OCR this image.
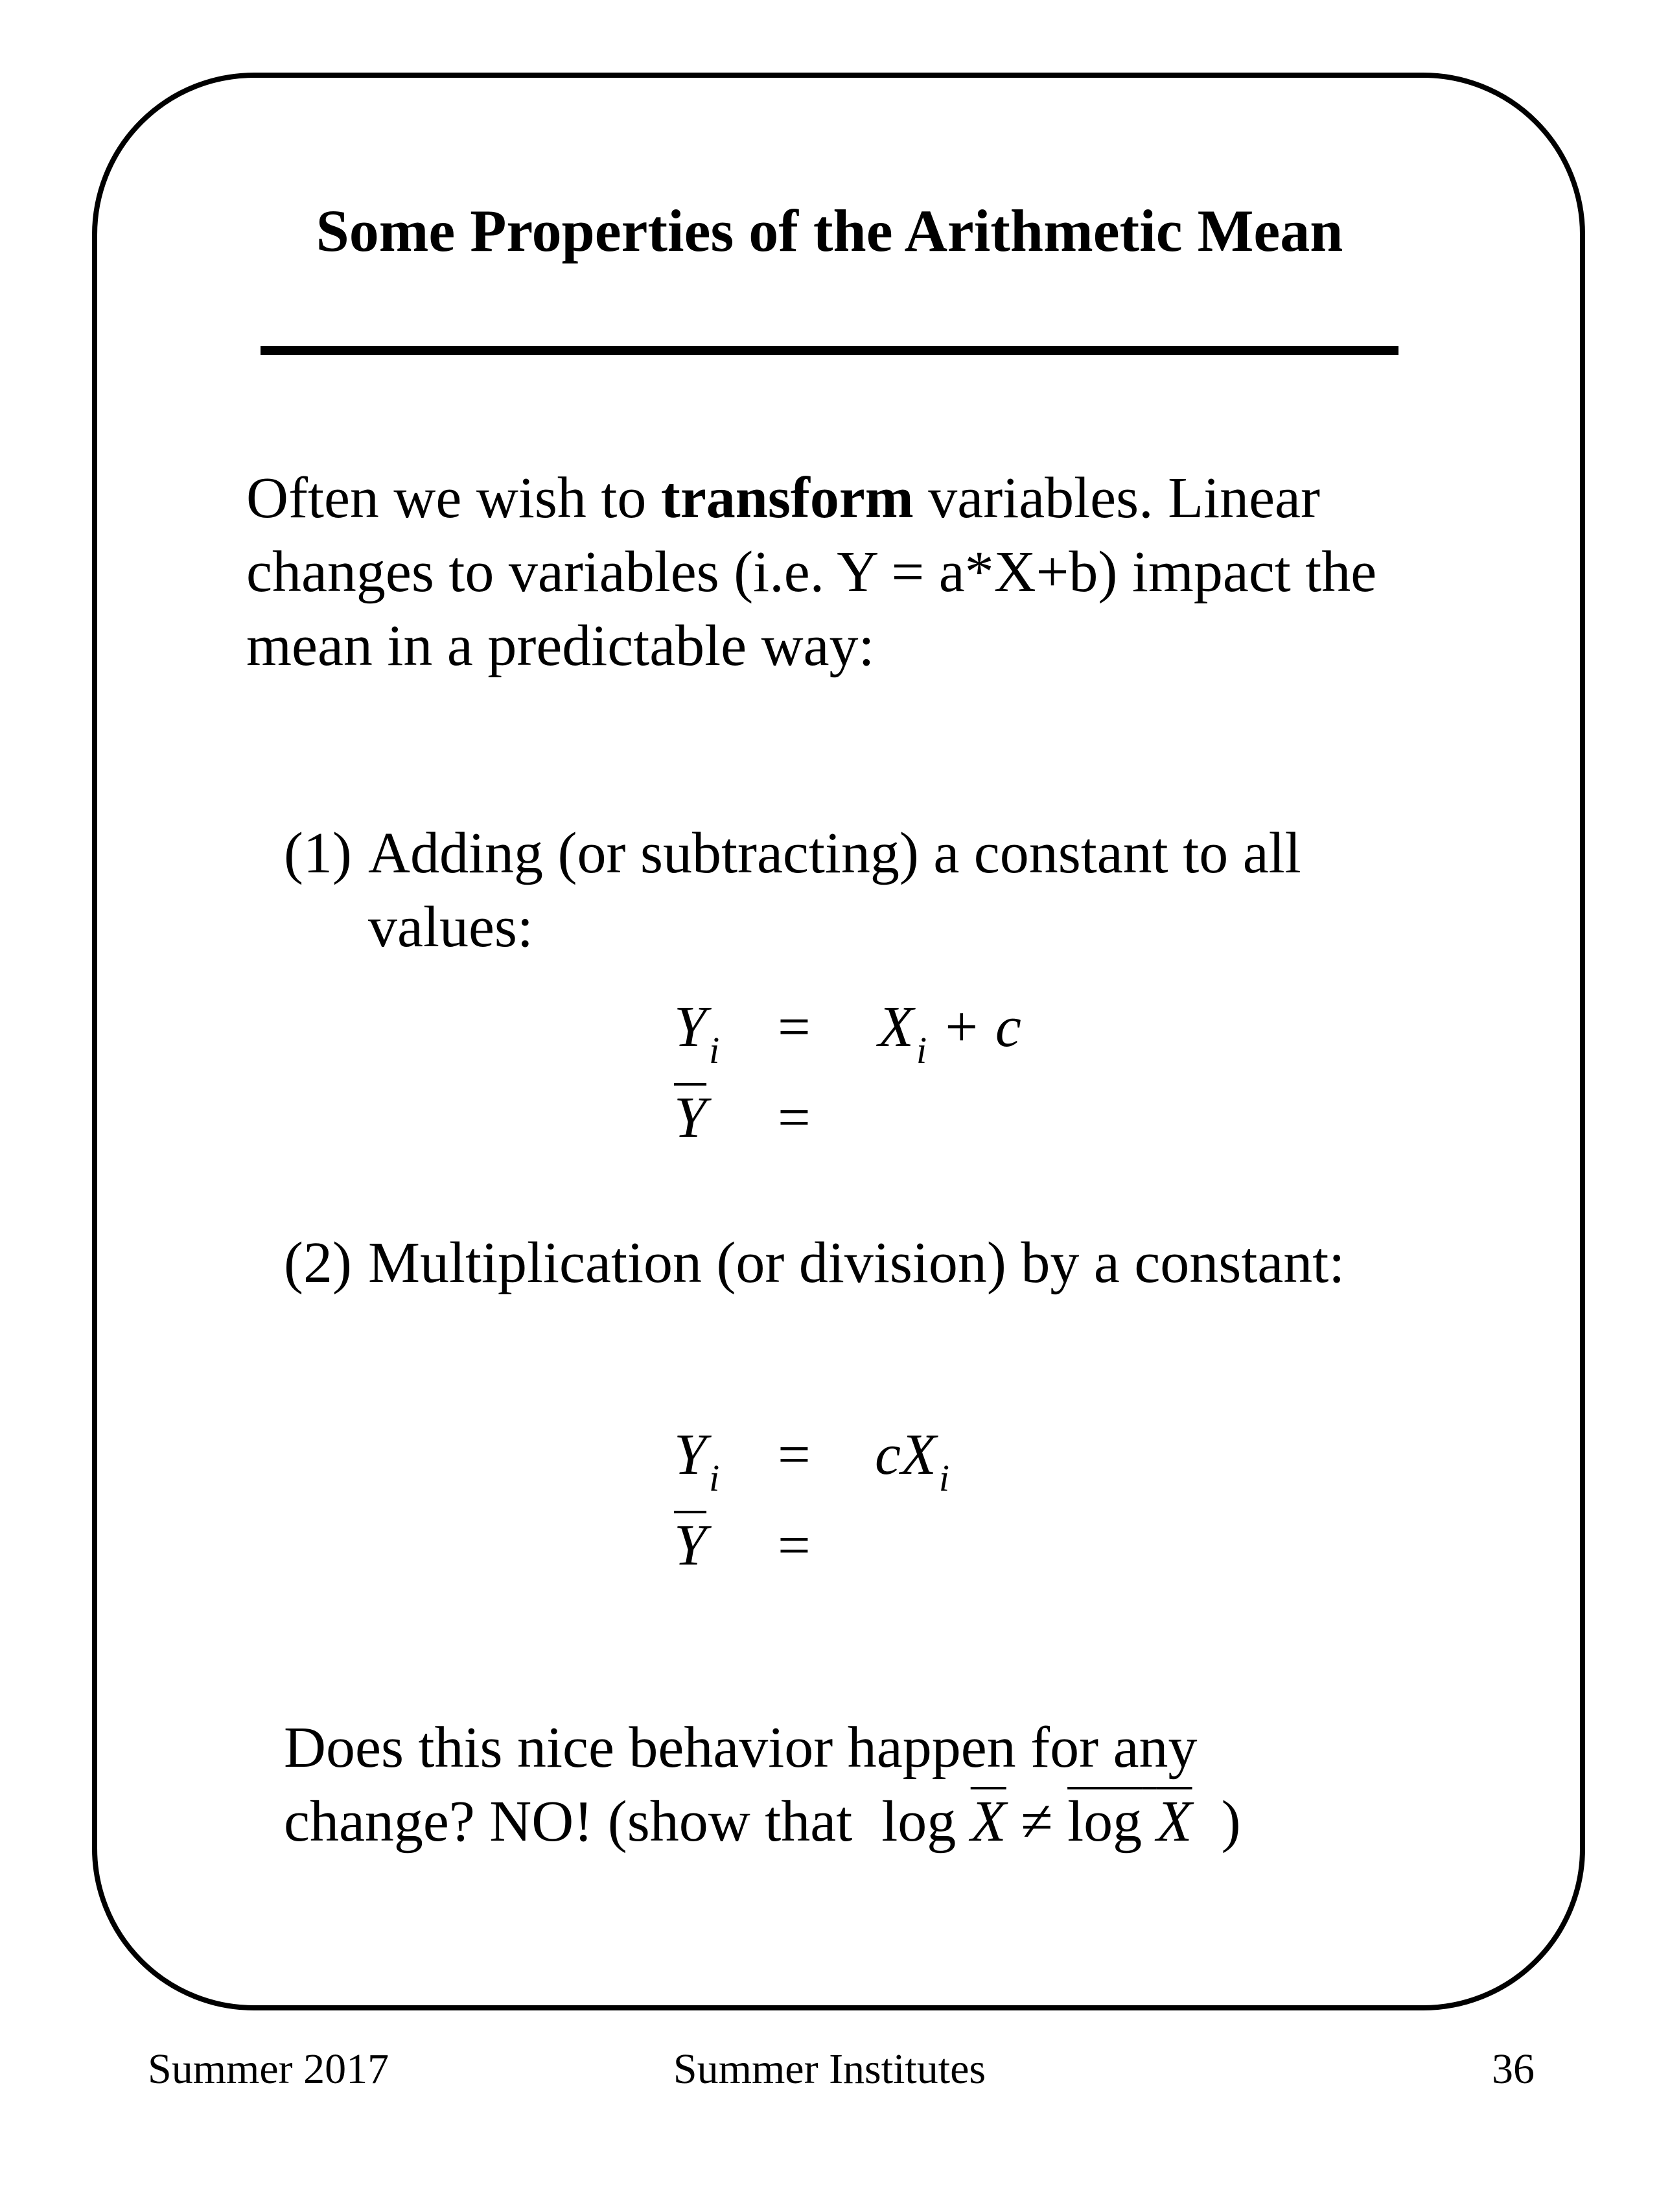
Some Properties of the Arithmetic Mean
Often we wish to transform variables. Linear changes to variables (i.e. Y = a*X+b) impact the mean in a predictable way:
(1) Adding (or subtracting) a constant to all values:
$Y_i = X_i + c$
$\overline{Y}$ =
(2) Multiplication (or division) by a constant:
$Y_i = cX_i$
$\overline{Y}$ =
Does this nice behavior happen for any
change? NO! (show that $\log \overline{X} \ne \log X$ )
Summer 2017	Summer Institutes	36
